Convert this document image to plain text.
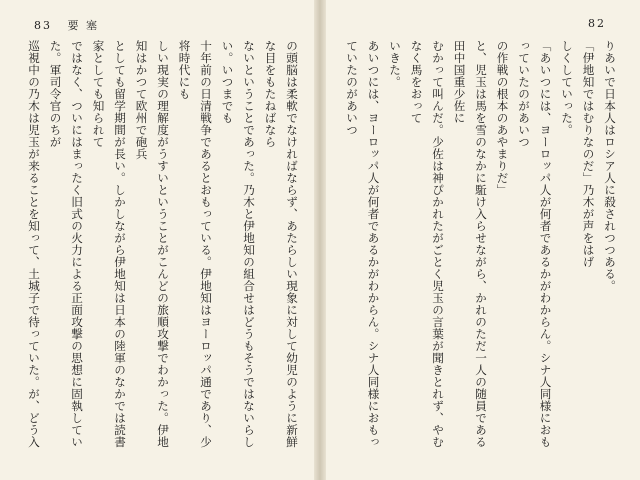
83 要 塞	82

りあいで日本人はロシア人に殺されつつある。

「伊地知ではむりなのだ」乃木が声をはげ

しくしていった。

「あいつには、ヨーロッパ人が何者であるかがわからん。シナ人同様におもっていたのがあいつ

の作戦の根本のあやまりだ」

と、児玉は馬を雪のなかに駈け入らせながら、かれのただ一人の随員である田中国重少佐に

むかって叫んだ。少佐は神ぴかれたがごとく児玉の言葉が聞きとれず、やむなく馬をおって

いきた。

あいつには、ヨーロッパ人が何者であるかがわからん。シナ人同様におもっていたのがあいつ

の頭脳は柔軟でなければならず、あたらしい現象に対して幼児のように新鮮な目をもたねばなら

ないということであった。乃木と伊地知の組合せはどうもそうではないらしい。いつまでも

十年前の日清戦争であるとおもっている。伊地知はヨーロッパ通であり、少将時代にも

しい現実の理解度がうすいということがこんどの旅順攻撃でわかった。伊地知はかつて欧州で砲兵

としても留学期間が長い。しかしながら伊地知は日本の陸軍のなかでは読書家としても知られて

ではなく、ついにはまったく旧式の火力による正面攻撃の思想に固執していた。軍司令官のちが

巡視中の乃木は児玉が来ることを知って、土城子で待っていた。が、どう入
